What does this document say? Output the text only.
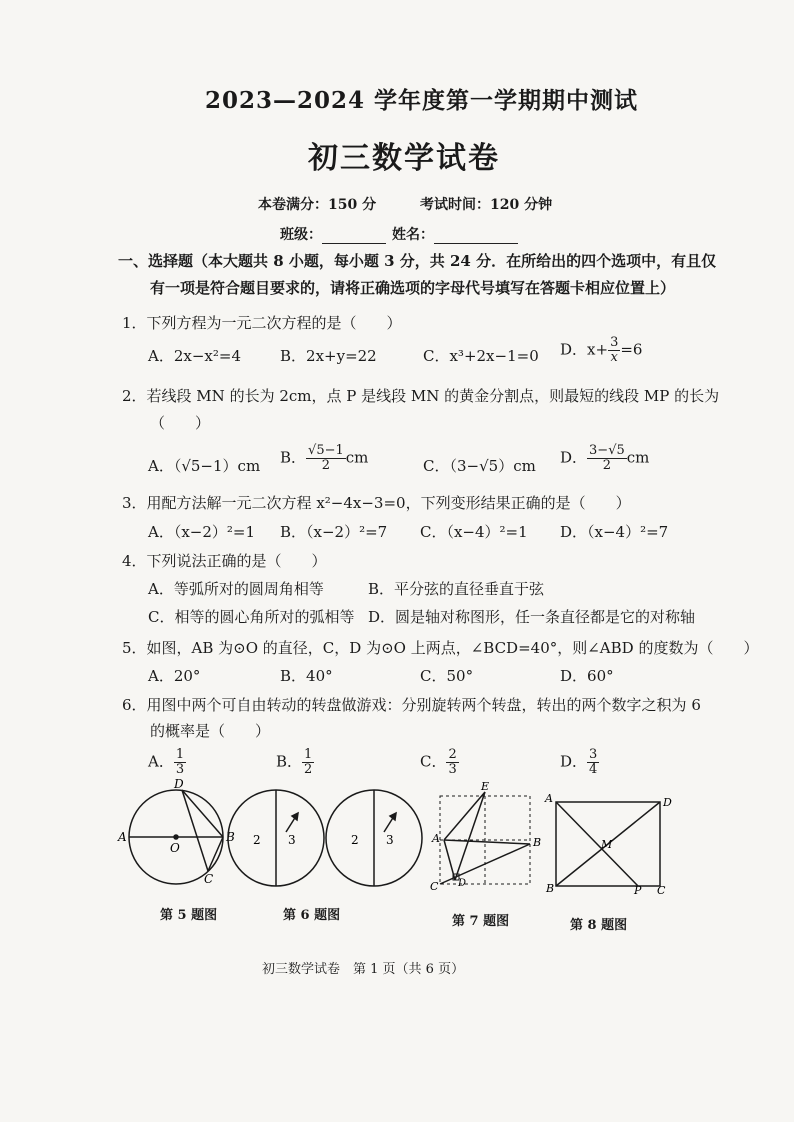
2023—2024 学年度第一学期期中测试
初三数学试卷
本卷满分：150 分	考试时间：120 分钟
班级：	姓名：
一、选择题（本大题共 8 小题，每小题 3 分，共 24 分．在所给出的四个选项中，有且仅
有一项是符合题目要求的，请将正确选项的字母代号填写在答题卡相应位置上）
1．下列方程为一元二次方程的是（　　）
A．2x−x²=4	B．2x+y=22	C．x³+2x−1=0 D．$x+ \frac{3}{x} =6$
2．若线段 MN 的长为 2cm，点 P 是线段 MN 的黄金分割点，则最短的线段 MP 的长为
（　　）
A．（√5−1）cm B． $\frac{√5-1}{2}$ cm	C．（3−√5）cm D． $\frac{3-√5}{2}$ cm
3．用配方法解一元二次方程 x²−4x−3=0，下列变形结果正确的是（　　）
A．（x−2）²=1 B．（x−2）²=7 C．（x−4）²=1 D．（x−4）²=7
4．下列说法正确的是（　　）
A．等弧所对的圆周角相等	B．平分弦的直径垂直于弦
C．相等的圆心角所对的弧相等 D．圆是轴对称图形，任一条直径都是它的对称轴
5．如图，AB 为⊙O 的直径，C，D 为⊙O 上两点，∠BCD=40°，则∠ABD 的度数为（　　）
A．20°	B．40°	C．50°	D．60°
6．用图中两个可自由转动的转盘做游戏：分别旋转两个转盘，转出的两个数字之积为 6
的概率是（　　）
A． $\frac{1}{3}$	B． $\frac{1}{2}$	C． $\frac{2}{3}$	D． $\frac{3}{4}$
A	B
C
D
O
2 3	2 3	A	B
C D
E
A
B	C
D
M
P
第 5 题图	第 6 题图	第 7 题图	第 8 题图
初三数学试卷　第 1 页（共 6 页）
